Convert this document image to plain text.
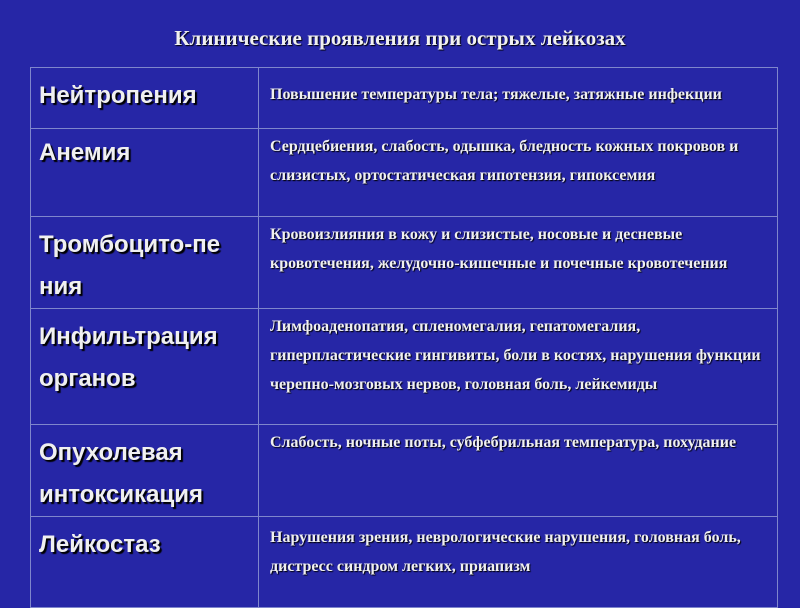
Клинические проявления при острых лейкозах
Нейтропения	Повышение температуры тела; тяжелые, затяжные инфекции

Анемия	Сердцебиения, слабость, одышка, бледность кожных покровов и слизистых, ортостатическая гипотензия, гипоксемия

Тромбоцито-пе ния	Кровоизлияния в кожу и слизистые, носовые и десневые кровотечения, желудочно-кишечные и почечные кровотечения

Инфильтрация органов	Лимфоаденопатия, спленомегалия, гепатомегалия, гиперпластические гингивиты, боли в костях, нарушения функции черепно-мозговых нервов, головная боль, лейкемиды

Опухолевая интоксикация	Слабость, ночные поты, субфебрильная температура, похудание

Лейкостаз	Нарушения зрения, неврологические нарушения, головная боль, дистресс синдром легких, приапизм
